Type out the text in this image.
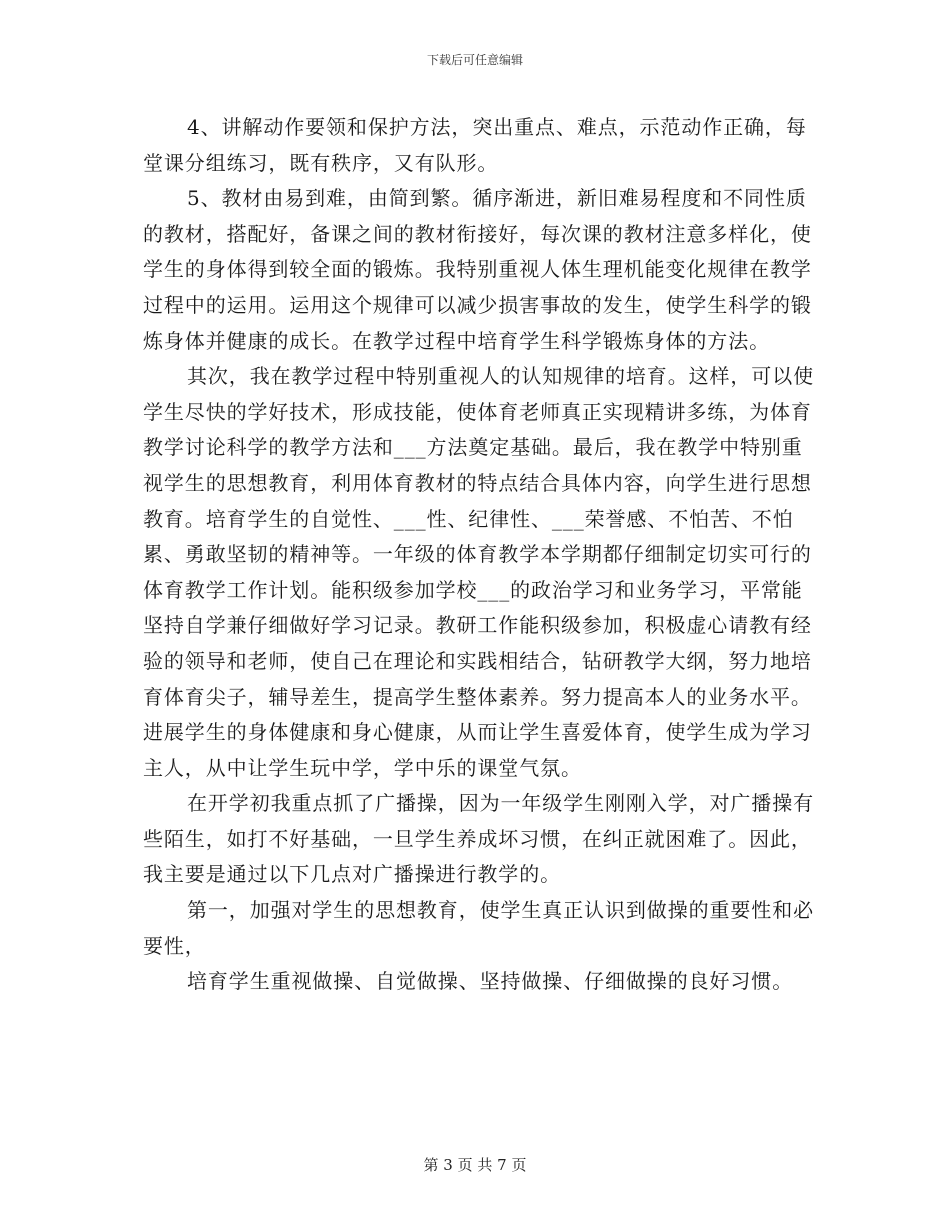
下载后可任意编辑

4、讲解动作要领和保护方法，突出重点、难点，示范动作正确，每堂课分组练习，既有秩序，又有队形。

5、教材由易到难，由简到繁。循序渐进，新旧难易程度和不同性质的教材，搭配好，备课之间的教材衔接好，每次课的教材注意多样化，使学生的身体得到较全面的锻炼。我特别重视人体生理机能变化规律在教学过程中的运用。运用这个规律可以减少损害事故的发生，使学生科学的锻炼身体并健康的成长。在教学过程中培育学生科学锻炼身体的方法。

其次，我在教学过程中特别重视人的认知规律的培育。这样，可以使学生尽快的学好技术，形成技能，使体育老师真正实现精讲多练，为体育教学讨论科学的教学方法和___方法奠定基础。最后，我在教学中特别重视学生的思想教育，利用体育教材的特点结合具体内容，向学生进行思想教育。培育学生的自觉性、___性、纪律性、___荣誉感、不怕苦、不怕累、勇敢坚韧的精神等。一年级的体育教学本学期都仔细制定切实可行的体育教学工作计划。能积级参加学校___的政治学习和业务学习，平常能坚持自学兼仔细做好学习记录。教研工作能积级参加，积极虚心请教有经验的领导和老师，使自己在理论和实践相结合，钻研教学大纲，努力地培育体育尖子，辅导差生，提高学生整体素养。努力提高本人的业务水平。进展学生的身体健康和身心健康，从而让学生喜爱体育，使学生成为学习主人，从中让学生玩中学，学中乐的课堂气氛。

在开学初我重点抓了广播操，因为一年级学生刚刚入学，对广播操有些陌生，如打不好基础，一旦学生养成坏习惯，在纠正就困难了。因此，我主要是通过以下几点对广播操进行教学的。

第一，加强对学生的思想教育，使学生真正认识到做操的重要性和必要性，

培育学生重视做操、自觉做操、坚持做操、仔细做操的良好习惯。

第 3 页 共 7 页
